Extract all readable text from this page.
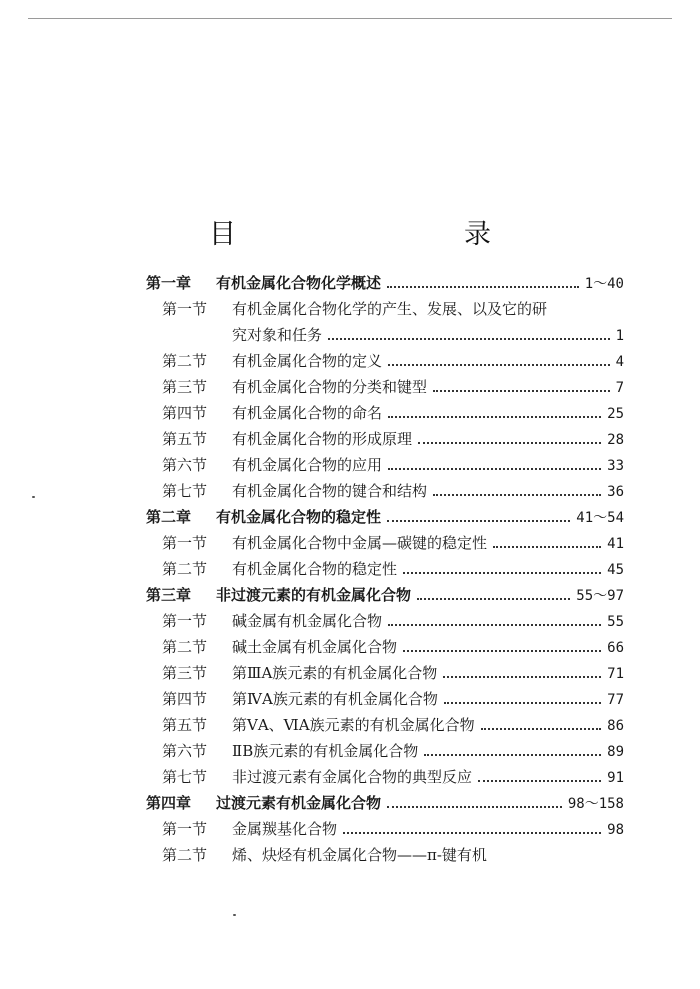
目　　录
第一章	有机金属化合物化学概述	1～40
第一节	有机金属化合物化学的产生、发展、以及它的研
究对象和任务	1
第二节	有机金属化合物的定义	4
第三节	有机金属化合物的分类和键型	7
第四节	有机金属化合物的命名	25
第五节	有机金属化合物的形成原理	28
第六节	有机金属化合物的应用	33
第七节	有机金属化合物的键合和结构	36
第二章	有机金属化合物的稳定性	41～54
第一节	有机金属化合物中金属—碳键的稳定性	41
第二节	有机金属化合物的稳定性	45
第三章	非过渡元素的有机金属化合物	55～97
第一节	碱金属有机金属化合物	55
第二节	碱土金属有机金属化合物	66
第三节	第ⅢA族元素的有机金属化合物	71
第四节	第ⅣA族元素的有机金属化合物	77
第五节	第ⅤA、ⅥA族元素的有机金属化合物	86
第六节	ⅡB族元素的有机金属化合物	89
第七节	非过渡元素有金属化合物的典型反应	91
第四章	过渡元素有机金属化合物	98～158
第一节	金属羰基化合物	98
第二节	烯、炔烃有机金属化合物——π-键有机
